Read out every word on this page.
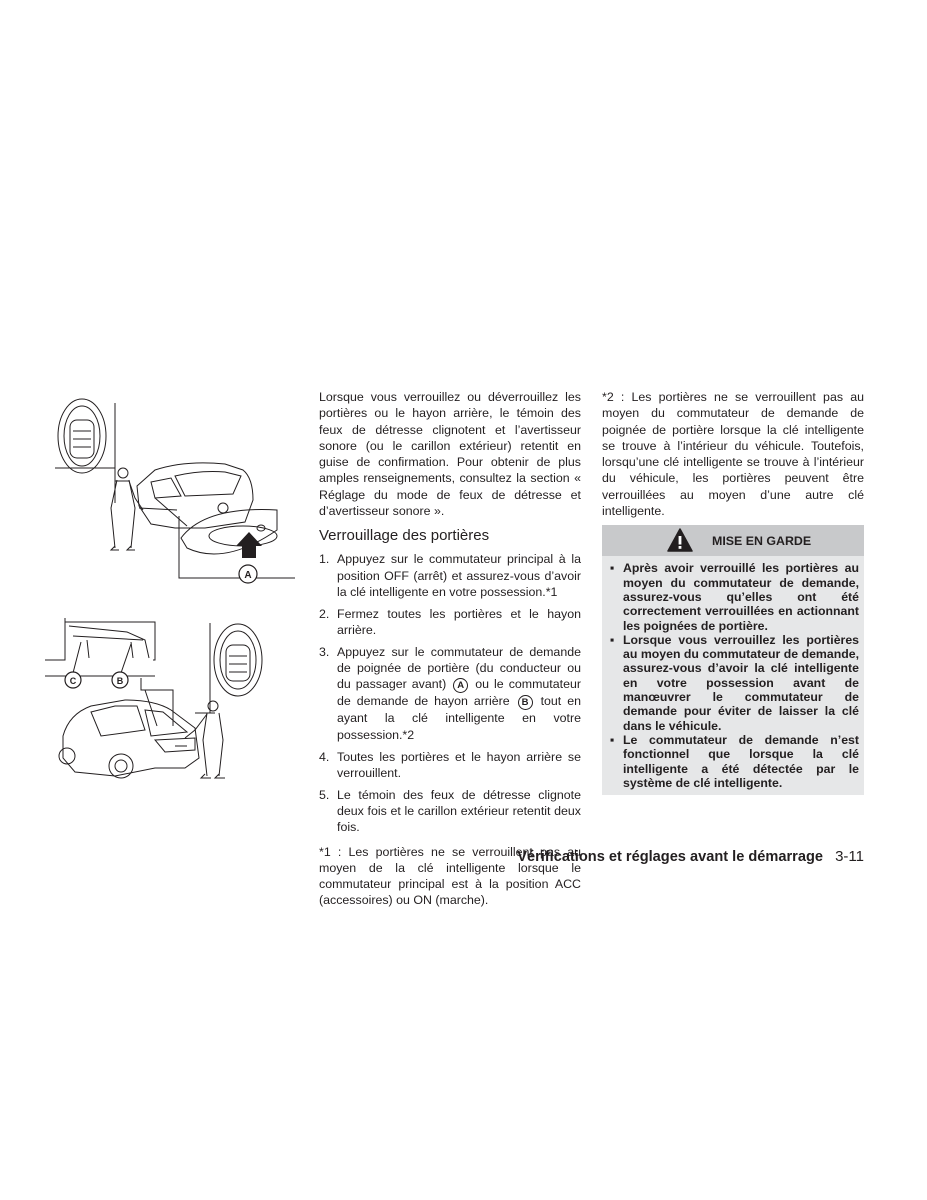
A
C	B

Lorsque vous verrouillez ou déverrouillez les portières ou le hayon arrière, le témoin des feux de détresse clignotent et l’avertisseur sonore (ou le carillon extérieur) retentit en guise de confirmation. Pour obtenir de plus amples renseignements, consultez la section « Réglage du mode de feux de détresse et d’avertisseur sonore ».

Verrouillage des portières

1. Appuyez sur le commutateur principal à la position OFF (arrêt) et assurez-vous d’avoir la clé intelligente en votre possession.*1
2. Fermez toutes les portières et le hayon arrière.
3. Appuyez sur le commutateur de demande de poignée de portière (du conducteur ou du passager avant) A ou le commutateur de demande de hayon arrière B tout en ayant la clé intelligente en votre possession.*2
4. Toutes les portières et le hayon arrière se verrouillent.
5. Le témoin des feux de détresse clignote deux fois et le carillon extérieur retentit deux fois.

*1 : Les portières ne se verrouillent pas au moyen de la clé intelligente lorsque le commutateur principal est à la position ACC (accessoires) ou ON (marche).

*2 : Les portières ne se verrouillent pas au moyen du commutateur de demande de poignée de portière lorsque la clé intelligente se trouve à l’intérieur du véhicule. Toutefois, lorsqu’une clé intelligente se trouve à l’intérieur du véhicule, les portières peuvent être verrouillées au moyen d’une autre clé intelligente.

MISE EN GARDE
▪ Après avoir verrouillé les portières au moyen du commutateur de demande, assurez-vous qu’elles ont été correctement verrouillées en actionnant les poignées de portière.
▪ Lorsque vous verrouillez les portières au moyen du commutateur de demande, assurez-vous d’avoir la clé intelligente en votre possession avant de manœuvrer le commutateur de demande pour éviter de laisser la clé dans le véhicule.
▪ Le commutateur de demande n’est fonctionnel que lorsque la clé intelligente a été détectée par le système de clé intelligente.
Vérifications et réglages avant le démarrage 3-11
